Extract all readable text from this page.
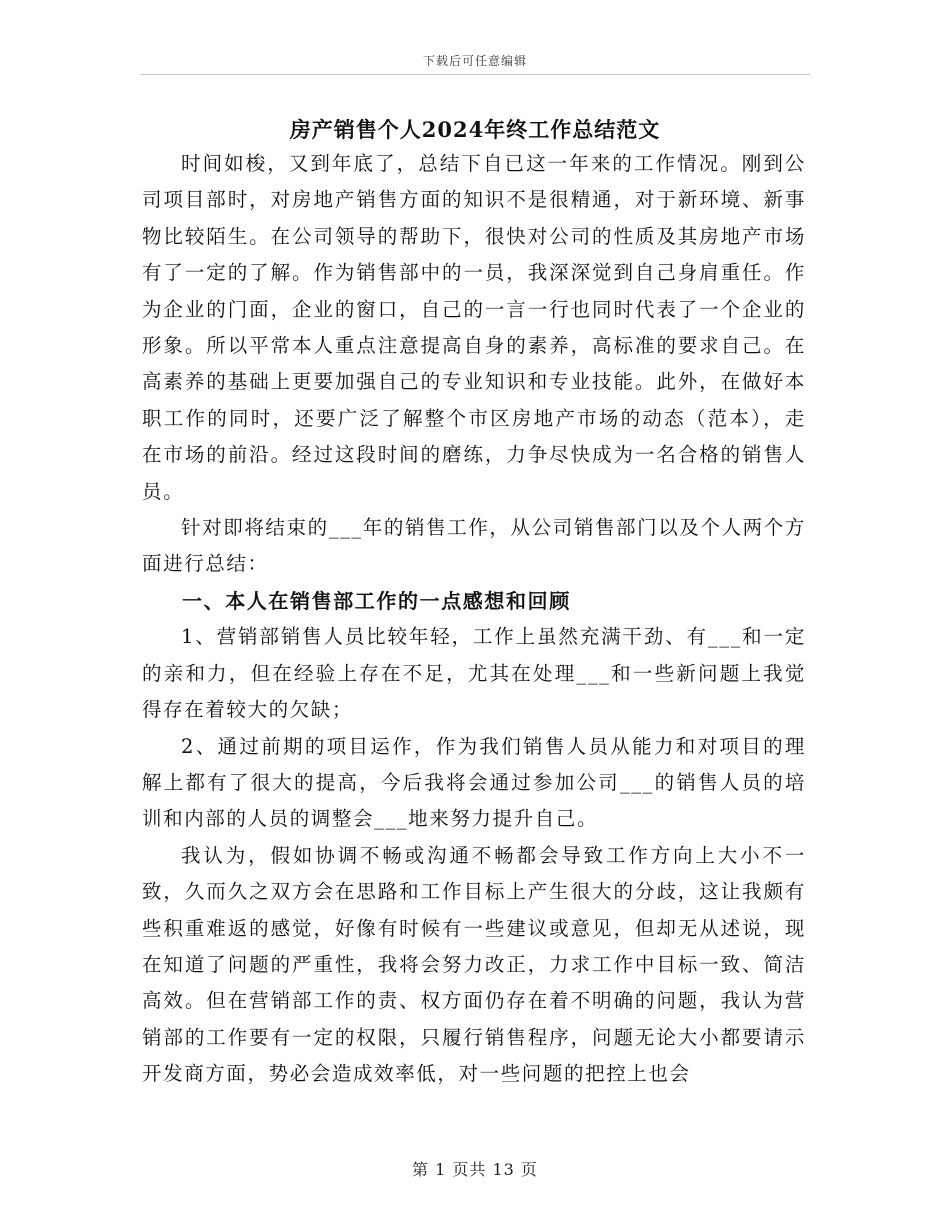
下载后可任意编辑
房产销售个人2024年终工作总结范文

时间如梭，又到年底了，总结下自已这一年来的工作情况。刚到公司项目部时，对房地产销售方面的知识不是很精通，对于新环境、新事物比较陌生。在公司领导的帮助下，很快对公司的性质及其房地产市场有了一定的了解。作为销售部中的一员，我深深觉到自己身肩重任。作为企业的门面，企业的窗口，自己的一言一行也同时代表了一个企业的形象。所以平常本人重点注意提高自身的素养，高标准的要求自己。在高素养的基础上更要加强自己的专业知识和专业技能。此外，在做好本职工作的同时，还要广泛了解整个市区房地产市场的动态（范本），走在市场的前沿。经过这段时间的磨练，力争尽快成为一名合格的销售人员。

针对即将结束的___年的销售工作，从公司销售部门以及个人两个方面进行总结：

一、本人在销售部工作的一点感想和回顾

1、营销部销售人员比较年轻，工作上虽然充满干劲、有___和一定的亲和力，但在经验上存在不足，尤其在处理___和一些新问题上我觉得存在着较大的欠缺；

2、通过前期的项目运作，作为我们销售人员从能力和对项目的理解上都有了很大的提高，今后我将会通过参加公司___的销售人员的培训和内部的人员的调整会___地来努力提升自己。

我认为，假如协调不畅或沟通不畅都会导致工作方向上大小不一致，久而久之双方会在思路和工作目标上产生很大的分歧，这让我颇有些积重难返的感觉，好像有时候有一些建议或意见，但却无从述说，现在知道了问题的严重性，我将会努力改正，力求工作中目标一致、简洁高效。但在营销部工作的责、权方面仍存在着不明确的问题，我认为营销部的工作要有一定的权限，只履行销售程序，问题无论大小都要请示开发商方面，势必会造成效率低，对一些问题的把控上也会

第 1 页共 13 页
